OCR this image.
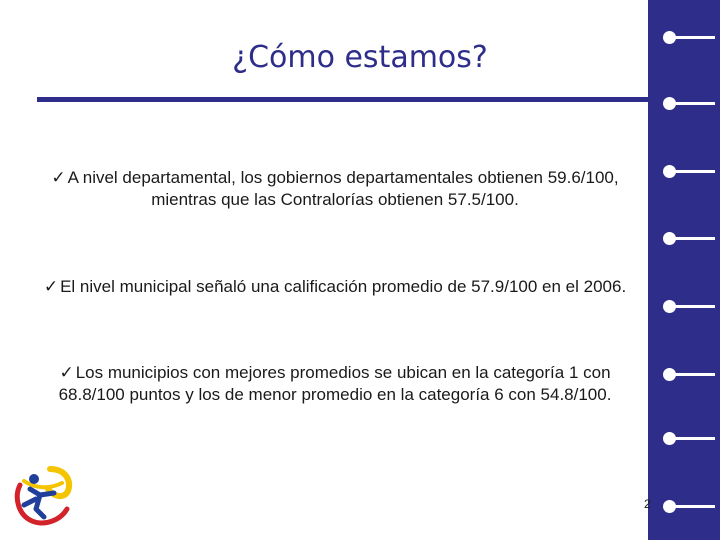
¿Cómo estamos?
✓ A nivel departamental, los gobiernos departamentales obtienen 59.6/100, mientras que las Contralorías obtienen 57.5/100.
✓ El nivel municipal señaló una calificación promedio de 57.9/100 en el 2006.
✓ Los municipios con mejores promedios se ubican en la categoría 1 con 68.8/100 puntos y los de menor promedio en la categoría 6 con 54.8/100.
2
